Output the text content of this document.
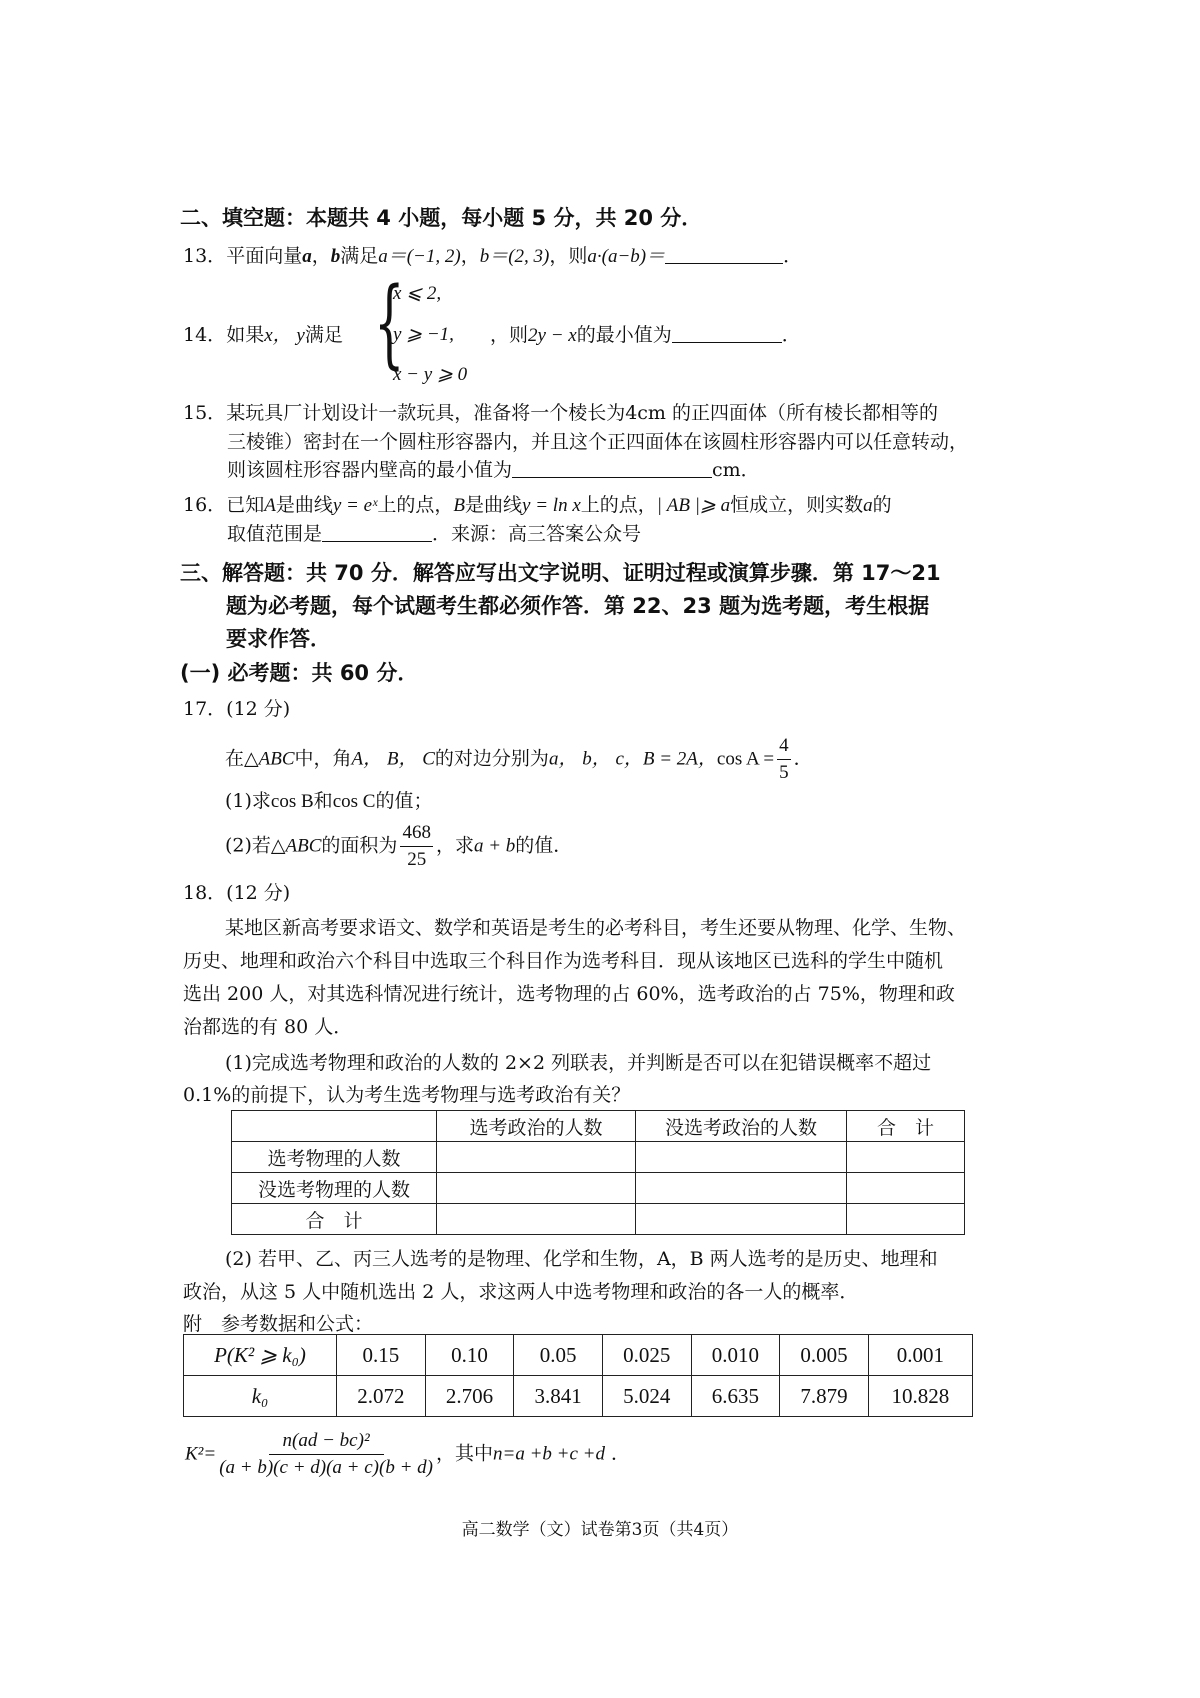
二、填空题：本题共 4 小题，每小题 5 分，共 20 分．
13．平面向量a，b满足a＝(−1, 2)，b＝(2, 3)，则a·(a−b)＝	．
14．如果x， y满足 {
x ⩽ 2,
y ⩾ −1,
x − y ⩾ 0
，则2y − x的最小值为	．
15．某玩具厂计划设计一款玩具，准备将一个棱长为4cm 的正四面体（所有棱长都相等的
三棱锥）密封在一个圆柱形容器内，并且这个正四面体在该圆柱形容器内可以任意转动，
则该圆柱形容器内壁高的最小值为	cm．
16．已知A是曲线y = eˣ上的点，B是曲线y = ln x上的点，| AB |⩾ a恒成立，则实数a的
取值范围是	．来源：高三答案公众号
三、解答题：共 70 分．解答应写出文字说明、证明过程或演算步骤．第 17～21
题为必考题，每个试题考生都必须作答．第 22、23 题为选考题，考生根据
要求作答．
(一) 必考题：共 60 分．
17．(12 分)
在△ABC中，角A， B， C的对边分别为a， b， c，B = 2A，$\cos A = \frac{4}{5}$ ．
(1)求cos B和cos C的值；
(2)若△ABC的面积为 $\frac{468}{25}$ ，求a + b的值．
18．(12 分)
某地区新高考要求语文、数学和英语是考生的必考科目，考生还要从物理、化学、生物、
历史、地理和政治六个科目中选取三个科目作为选考科目．现从该地区已选科的学生中随机
选出 200 人，对其选科情况进行统计，选考物理的占 60%，选考政治的占 75%，物理和政
治都选的有 80 人．
(1)完成选考物理和政治的人数的 2×2 列联表，并判断是否可以在犯错误概率不超过
0.1%的前提下，认为考生选考物理与选考政治有关？
	选考政治的人数	没选考政治的人数	合　计
选考物理的人数			
没选考物理的人数			
合　计			
(2) 若甲、乙、丙三人选考的是物理、化学和生物，A，B 两人选考的是历史、地理和
政治，从这 5 人中随机选出 2 人，求这两人中选考物理和政治的各一人的概率．
附　参考数据和公式：
P(K² ⩾ k₀)	0.15	0.10	0.05	0.025	0.010	0.005	0.001
k₀	2.072	2.706	3.841	5.024	6.635	7.879	10.828
$K^2= \frac{\text{n(ad − bc)²}}{(a + b)(c + d)(a + c)(b + d)}$ ，其中n=a +b +c +d ．
高二数学（文）试卷第3页（共4页）
